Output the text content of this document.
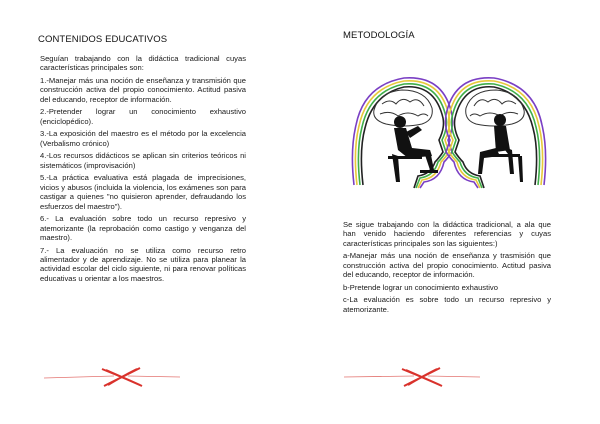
CONTENIDOS EDUCATIVOS

Seguían trabajando con la didáctica tradicional cuyas características principales son:

1.-Manejar más una noción de enseñanza y transmisión que construcción activa del propio conocimiento. Actitud pasiva del educando, receptor de información.

2.-Pretender lograr un conocimiento exhaustivo (enciclopédico).

3.-La exposición del maestro es el método por la excelencia (Verbalismo crónico)

4.-Los recursos didácticos se aplican sin criterios teóricos ni sistemáticos (improvisación)

5.-La práctica evaluativa está plagada de imprecisiones, vicios y abusos (incluida la violencia, los exámenes son para castigar a quienes "no quisieron aprender, defraudando los esfuerzos del maestro").

6.- La evaluación sobre todo un recurso represivo y atemorizante (la reprobación como castigo y venganza del maestro).

7.- La evaluación no se utiliza como recurso retro alimentador y de aprendizaje. No se utiliza para planear la actividad escolar del ciclo siguiente, ni para renovar políticas educativas u orientar a los maestros.

METODOLOGÍA

Se sigue trabajando con la didáctica tradicional, a ala que han venido haciendo diferentes referencias y cuyas características principales son las siguientes:)

a-Manejar más una noción de enseñanza y trasmisión que construcción activa del propio conocimiento. Actitud pasiva del educando, receptor de información.

b-Pretende lograr un conocimiento exhaustivo

c-La evaluación es sobre todo un recurso represivo y atemorizante.
